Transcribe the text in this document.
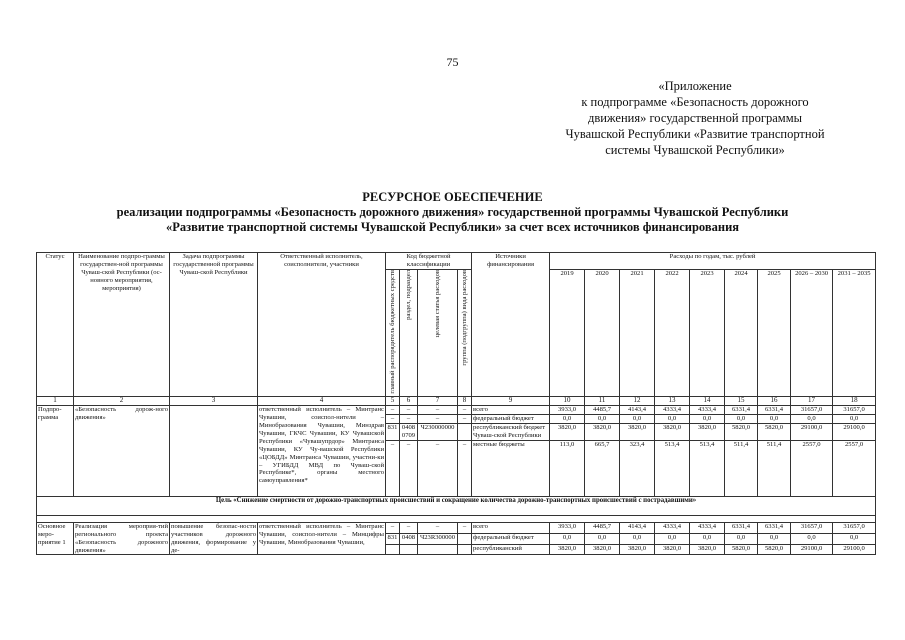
75
«Приложение
к подпрограмме «Безопасность дорожного
движения» государственной программы
Чувашской Республики «Развитие транспортной
системы Чувашской Республики»
РЕСУРСНОЕ ОБЕСПЕЧЕНИЕ
реализации подпрограммы «Безопасность дорожного движения» государственной программы Чувашской Республики
«Развитие транспортной системы Чувашской Республики» за счет всех источников финансирования
Статус	Наименование подпро-граммы государствен-ной программы Чуваш-ской Республики (ос-новного мероприятия, мероприятия)	Задача подпрограммы государственной программы Чуваш-ской Республики	Ответственный исполнитель, соисполнители, участники	Код бюджетной классификации				Источники финансирования	Расходы по годам, тыс. рублей								
				главный распорядитель бюджетных средств	раздел, подраздел	целевая статья расходов	группа (подгруппа) вида расходов		2019	2020	2021	2022	2023	2024	2025	2026 – 2030	2031 – 2035
1	2	3	4	5	6	7	8	9	10	11	12	13	14	15	16	17	18
Подпро-грамма	«Безопасность дорож-ного движения»		ответственный исполнитель – Минтранс Чувашии, соиспол-нители – Минобразования Чувашии, Минздрав Чувашии, ГКЧС Чувашии, КУ Чувашской Республики «Чувашупрдор» Минтранса Чувашии, КУ Чу-вашской Республики «ЦОБДД» Минтранса Чувашии, участни-ки – УГИБДД МВД по Чуваш-ской Республике*, органы местного самоуправления*	–	–	–	–	всего	3933,0	4485,7	4143,4	4333,4	4333,4	6331,4	6331,4	31657,0	31657,0
				–	–	–	–	федеральный бюджет	0,0	0,0	0,0	0,0	0,0	0,0	0,0	0,0	0,0
				831	0408 0709	Ч230000000		республиканский бюджет Чуваш-ской Республики	3820,0	3820,0	3820,0	3820,0	3820,0	5820,0	5820,0	29100,0	29100,0
				–	–	–	–	местные бюджеты	113,0	665,7	323,4	513,4	513,4	511,4	511,4	2557,0	2557,0
Цель «Снижение смертности от дорожно-транспортных происшествий и сокращение количества дорожно-транспортных происшествий с пострадавшими»																	

Основное меро-приятие 1	Реализация мероприя-тий регионального проекта «Безопасность дорожного движения»	повышение безопас-ности участников дорожного движения, формирование у де-	ответственный исполнитель – Минтранс Чувашии, соиспол-нители – Минцифры Чувашии, Минобразования Чувашии,	–	–	–	–	всего	3933,0	4485,7	4143,4	4333,4	4333,4	6331,4	6331,4	31657,0	31657,0
				831	0408	Ч23R300000		федеральный бюджет	0,0	0,0	0,0	0,0	0,0	0,0	0,0	0,0	0,0
								республиканский	3820,0	3820,0	3820,0	3820,0	3820,0	5820,0	5820,0	29100,0	29100,0
